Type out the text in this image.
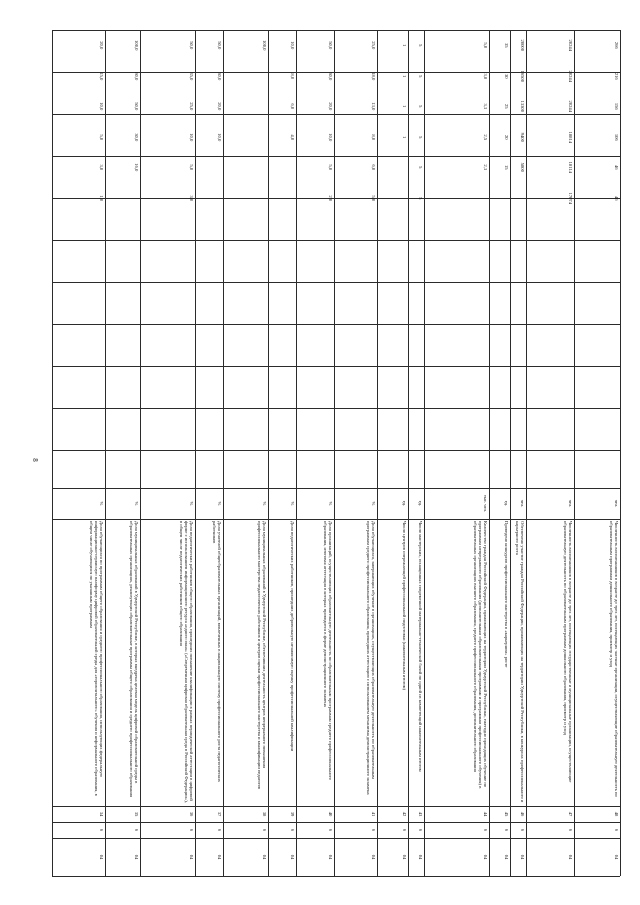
8
04
6
34
Доля обучающихся по программам общего образования и среднего профессионального образования, использующих федеральную информационно-сервисную платформу цифровой образовательной среды для «горизонтального» обучения и неформального образования, в общем числе обучающихся по указанным программам
%
1,0
3,0
5,0
10,0
15,0
20,0
04
6
35
Доля муниципальных образований в Удмуртской Республике, в которых внедрена целевая модель цифровой образовательной среды в образовательных организациях, реализующих образовательные программы общего образования и среднего профессионального образования
%
16,0
30,0
50,0
80,0
100,0
04
6
36
Доля педагогических работников общего образования, прошедших повышение квалификации в рамках периодической аттестации в цифровой форме с использованием информационного ресурса «одного окна» («Современная цифровая образовательная среда в Российской Федерации»), в общем числе педагогических работников общего образования
%
3,0
5,0
10,0
25,0
35,0
50,0
04
6
37
Доля учителей общеобразовательных организаций, вовлеченных в национальную систему профессионального роста педагогических работников
%
10,0
20,0
30,0
50,0
04
6
38
Доля муниципальных образований в Удмуртской Республике, обеспечивших деятельность центров непрерывного повышения профессионального мастерства педагогических работников и центров оценки профессионального мастерства и квалификации педагогов
%
100,0
04
6
39
Доля педагогических работников, прошедших добровольную независимую оценку профессиональной квалификации
%
4,0
6,0
8,0
10,0
04
6
40
Доля организаций, осуществляющих образовательную деятельность по образовательным программам среднего профессионального образования, итоговая аттестация в которых проводится в форме демонстрационного экзамена
%
2,0
5,0
10,0
20,0
30,0
50,0
04
6
41
Доля обучающихся, завершающих обучение в организациях, осуществляющих образовательную деятельность по образовательным программам среднего профессионального образования, прошедших аттестацию с использованием механизма демонстрационного экзамена
%
5,0
6,0
8,0
13,0
18,0
25,0
04
6
42
Число центров опережающей профессиональной подготовки (накопительным итогом)
ед.
1
1
1
1
04
6
43
Число мастерских, оснащенных современной материально-технической базой по одной из компетенций накопительным итогом
ед.
5
5
5
5
5
5
04
6
44
Количество граждан Российской Федерации, проживающих на территории Удмуртской Республики, ежегодно проходящих обучение по программам непрерывного образования (дополнительным образовательным программам и программам профессионального обучения) в образовательных организациях высшего образования, среднего профессионального образования, дополнительного образования
тыс. чел.
2,3
2,5
3,3
3,8
5,0
04
6
45
Проведено конкурсов профессионального мастерства в «карьерном» росте
ед.
15
20
25
30
35
04
6
46
Обеспечено участие граждан Российской Федерации, проживающих на территории Удмуртской Республики, в конкурсах профессионального и карьерного роста
чел.
5800
9400
13300
16500
20000
04
6
47
Численность воспитанников в возрасте до трех лет, посещающих государственные и муниципальные организации, осуществляющие образовательную деятельность по образовательным программам дошкольного образования, присмотр и уход
чел.
17074
18114
18814
20244
20244
20244
04
6
48
Численность воспитанников в возрасте до трех лет, посещающих частные организации, осуществляющие образовательную деятельность по образовательным программам дошкольного образования, присмотр и уход
чел.
46
46
106
156
216
266
